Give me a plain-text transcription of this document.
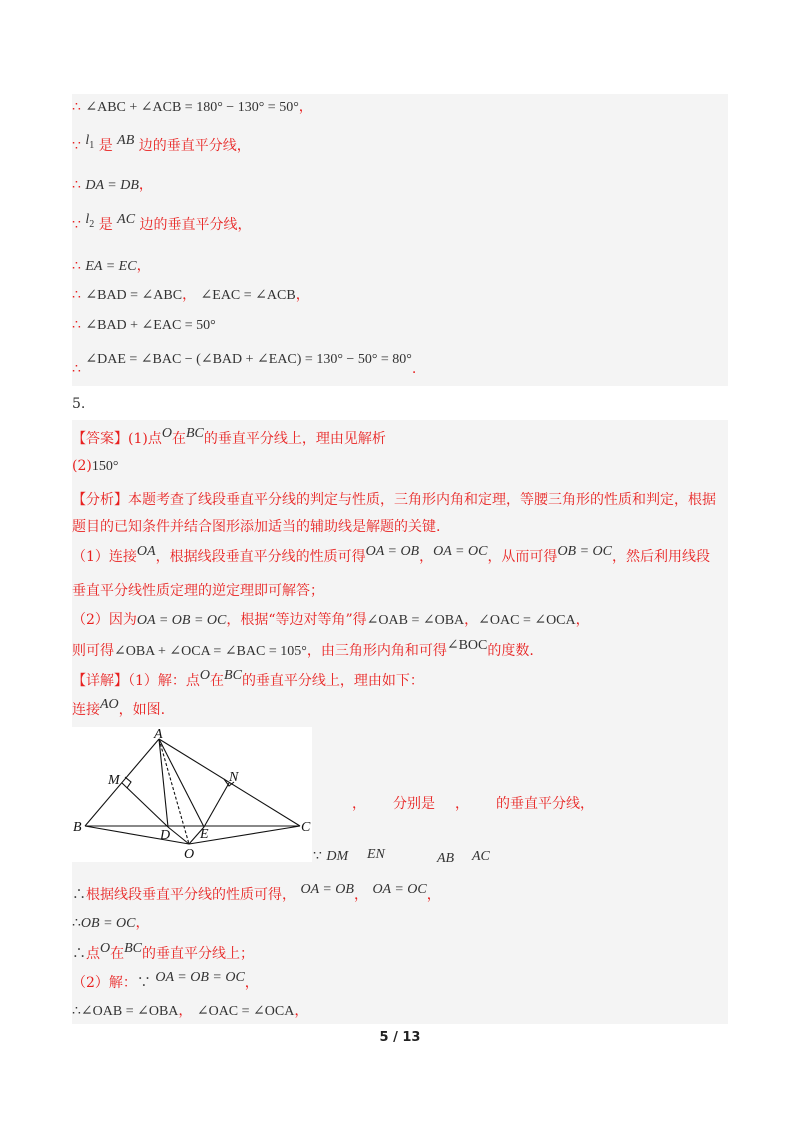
∴ ∠ABC + ∠ACB = 180° − 130° = 50°，
∵ $l_1$ 是 AB 边的垂直平分线，
∴ DA = DB，
∵ $l_2$ 是 AC 边的垂直平分线，
∴ EA = EC，
∴ ∠BAD = ∠ABC， ∠EAC = ∠ACB，
∴ ∠BAD + ∠EAC = 50°
∴ ∠DAE = ∠BAC − (∠BAD + ∠EAC) = 130° − 50° = 80°.
5.
【答案】(1)点O在BC的垂直平分线上，理由见解析
(2)150°
【分析】本题考查了线段垂直平分线的判定与性质，三角形内角和定理，等腰三角形的性质和判定，根据题目的已知条件并结合图形添加适当的辅助线是解题的关键.
（1）连接OA，根据线段垂直平分线的性质可得OA = OB，OA = OC，从而可得OB = OC，然后利用线段
垂直平分线性质定理的逆定理即可解答；
（2）因为OA = OB = OC，根据“等边对等角”得∠OAB = ∠OBA，∠OAC = ∠OCA，
则可得∠OBA + ∠OCA = ∠BAC = 105°，由三角形内角和可得∠BOC的度数.
【详解】（1）解：点O在BC的垂直平分线上，理由如下：
连接AO，如图.
A
B	C
M	N
D E
O
， 分别是 ， 的垂直平分线，
∵ DM EN	AB AC
∴根据线段垂直平分线的性质可得， OA = OB， OA = OC，
∴OB = OC，
∴点O在BC的垂直平分线上；
（2）解：∵ OA = OB = OC，
∴∠OAB = ∠OBA， ∠OAC = ∠OCA，
5 / 13
